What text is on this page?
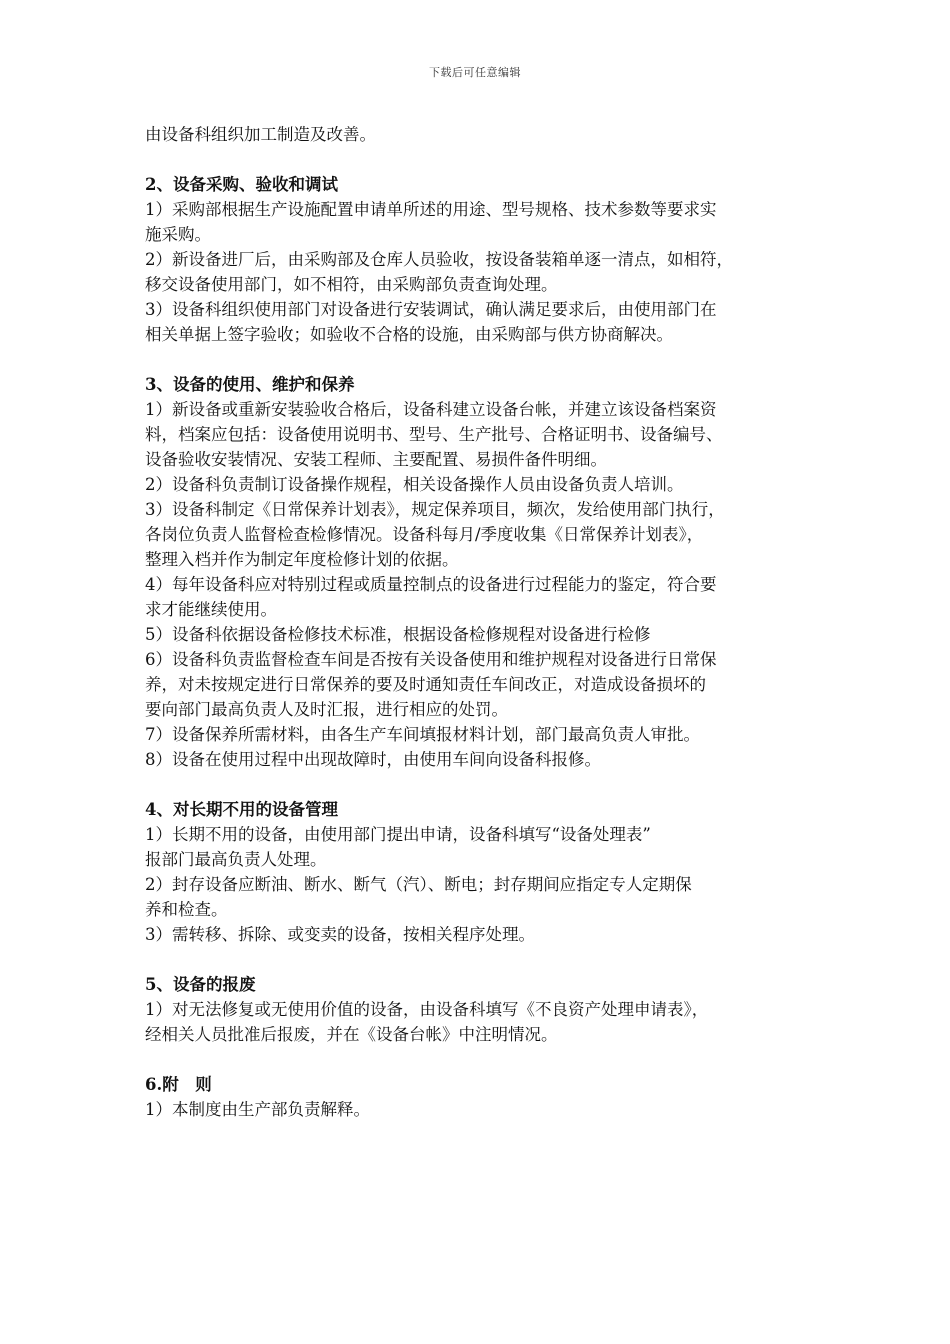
下载后可任意编辑
由设备科组织加工制造及改善。
2、设备采购、验收和调试
1）采购部根据生产设施配置申请单所述的用途、型号规格、技术参数等要求实
施采购。
2）新设备进厂后，由采购部及仓库人员验收，按设备装箱单逐一清点，如相符，
移交设备使用部门，如不相符，由采购部负责查询处理。
3）设备科组织使用部门对设备进行安装调试，确认满足要求后，由使用部门在
相关单据上签字验收；如验收不合格的设施，由采购部与供方协商解决。
3、设备的使用、维护和保养
1）新设备或重新安装验收合格后，设备科建立设备台帐，并建立该设备档案资
料，档案应包括：设备使用说明书、型号、生产批号、合格证明书、设备编号、
设备验收安装情况、安装工程师、主要配置、易损件备件明细。
2）设备科负责制订设备操作规程，相关设备操作人员由设备负责人培训。
3）设备科制定《日常保养计划表》，规定保养项目，频次，发给使用部门执行，
各岗位负责人监督检查检修情况。设备科每月/季度收集《日常保养计划表》，
整理入档并作为制定年度检修计划的依据。
4）每年设备科应对特别过程或质量控制点的设备进行过程能力的鉴定，符合要
求才能继续使用。
5）设备科依据设备检修技术标准，根据设备检修规程对设备进行检修
6）设备科负责监督检查车间是否按有关设备使用和维护规程对设备进行日常保
养，对未按规定进行日常保养的要及时通知责任车间改正，对造成设备损坏的
要向部门最高负责人及时汇报，进行相应的处罚。
7）设备保养所需材料，由各生产车间填报材料计划，部门最高负责人审批。
8）设备在使用过程中出现故障时，由使用车间向设备科报修。
4、对长期不用的设备管理
1）长期不用的设备，由使用部门提出申请，设备科填写“设备处理表”
报部门最高负责人处理。
2）封存设备应断油、断水、断气（汽）、断电；封存期间应指定专人定期保
养和检查。
3）需转移、拆除、或变卖的设备，按相关程序处理。
5、设备的报废
1）对无法修复或无使用价值的设备，由设备科填写《不良资产处理申请表》，
经相关人员批准后报废，并在《设备台帐》中注明情况。
6.附　则
1）本制度由生产部负责解释。
